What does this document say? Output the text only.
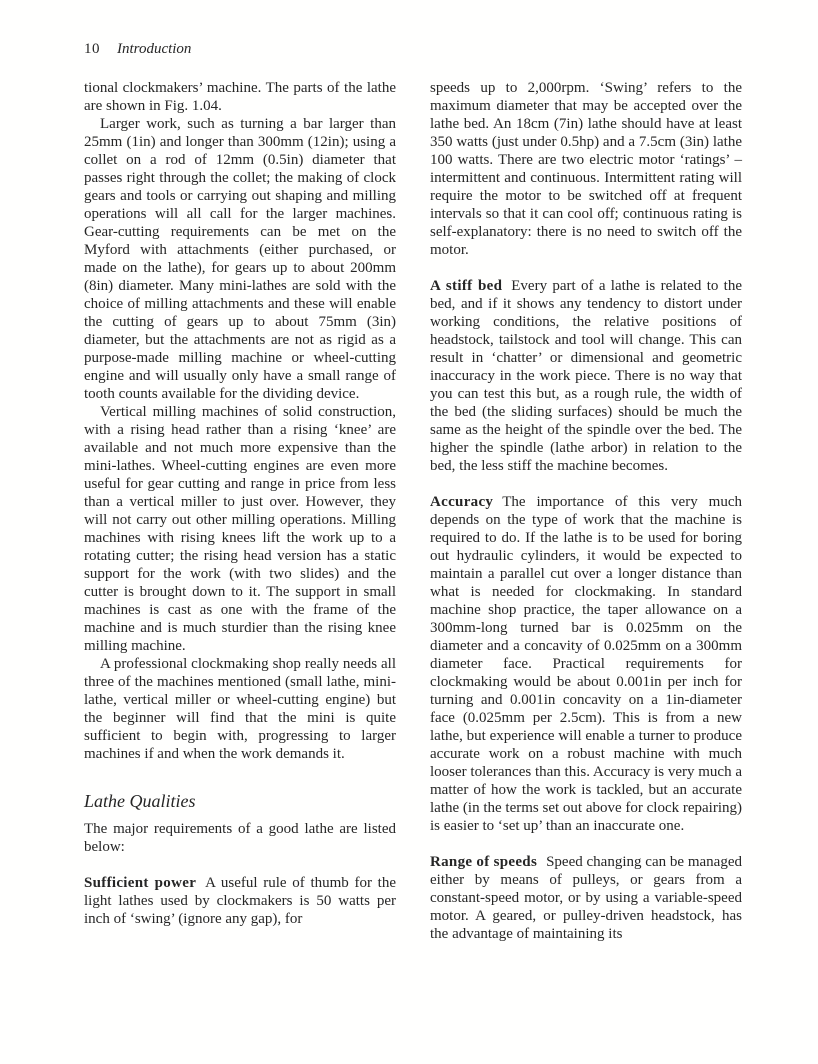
10 Introduction

tional clockmakers’ machine. The parts of the lathe are shown in Fig. 1.04.

Larger work, such as turning a bar larger than 25mm (1in) and longer than 300mm (12in); using a collet on a rod of 12mm (0.5in) diameter that passes right through the collet; the making of clock gears and tools or carrying out shaping and milling operations will all call for the larger machines. Gear-cutting requirements can be met on the Myford with attachments (either purchased, or made on the lathe), for gears up to about 200mm (8in) diameter. Many mini-lathes are sold with the choice of milling attachments and these will enable the cutting of gears up to about 75mm (3in) diameter, but the attachments are not as rigid as a purpose-made milling machine or wheel-cutting engine and will usually only have a small range of tooth counts available for the dividing device.

Vertical milling machines of solid construction, with a rising head rather than a rising ‘knee’ are available and not much more expensive than the mini-lathes. Wheel-cutting engines are even more useful for gear cutting and range in price from less than a vertical miller to just over. However, they will not carry out other milling operations. Milling machines with rising knees lift the work up to a rotating cutter; the rising head version has a static support for the work (with two slides) and the cutter is brought down to it. The support in small machines is cast as one with the frame of the machine and is much sturdier than the rising knee milling machine.

A professional clockmaking shop really needs all three of the machines mentioned (small lathe, mini-lathe, vertical miller or wheel-cutting engine) but the beginner will find that the mini is quite sufficient to begin with, progressing to larger machines if and when the work demands it.

Lathe Qualities

The major requirements of a good lathe are listed below:

Sufficient power A useful rule of thumb for the light lathes used by clockmakers is 50 watts per inch of ‘swing’ (ignore any gap), for

speeds up to 2,000rpm. ‘Swing’ refers to the maximum diameter that may be accepted over the lathe bed. An 18cm (7in) lathe should have at least 350 watts (just under 0.5hp) and a 7.5cm (3in) lathe 100 watts. There are two electric motor ‘ratings’ – intermittent and continuous. Intermittent rating will require the motor to be switched off at frequent intervals so that it can cool off; continuous rating is self-explanatory: there is no need to switch off the motor.

A stiff bed Every part of a lathe is related to the bed, and if it shows any tendency to distort under working conditions, the relative positions of headstock, tailstock and tool will change. This can result in ‘chatter’ or dimensional and geometric inaccuracy in the work piece. There is no way that you can test this but, as a rough rule, the width of the bed (the sliding surfaces) should be much the same as the height of the spindle over the bed. The higher the spindle (lathe arbor) in relation to the bed, the less stiff the machine becomes.

Accuracy The importance of this very much depends on the type of work that the machine is required to do. If the lathe is to be used for boring out hydraulic cylinders, it would be expected to maintain a parallel cut over a longer distance than what is needed for clockmaking. In standard machine shop practice, the taper allowance on a 300mm-long turned bar is 0.025mm on the diameter and a concavity of 0.025mm on a 300mm diameter face. Practical requirements for clockmaking would be about 0.001in per inch for turning and 0.001in concavity on a 1in-diameter face (0.025mm per 2.5cm). This is from a new lathe, but experience will enable a turner to produce accurate work on a robust machine with much looser tolerances than this. Accuracy is very much a matter of how the work is tackled, but an accurate lathe (in the terms set out above for clock repairing) is easier to ‘set up’ than an inaccurate one.

Range of speeds Speed changing can be managed either by means of pulleys, or gears from a constant-speed motor, or by using a variable-speed motor. A geared, or pulley-driven headstock, has the advantage of maintaining its
